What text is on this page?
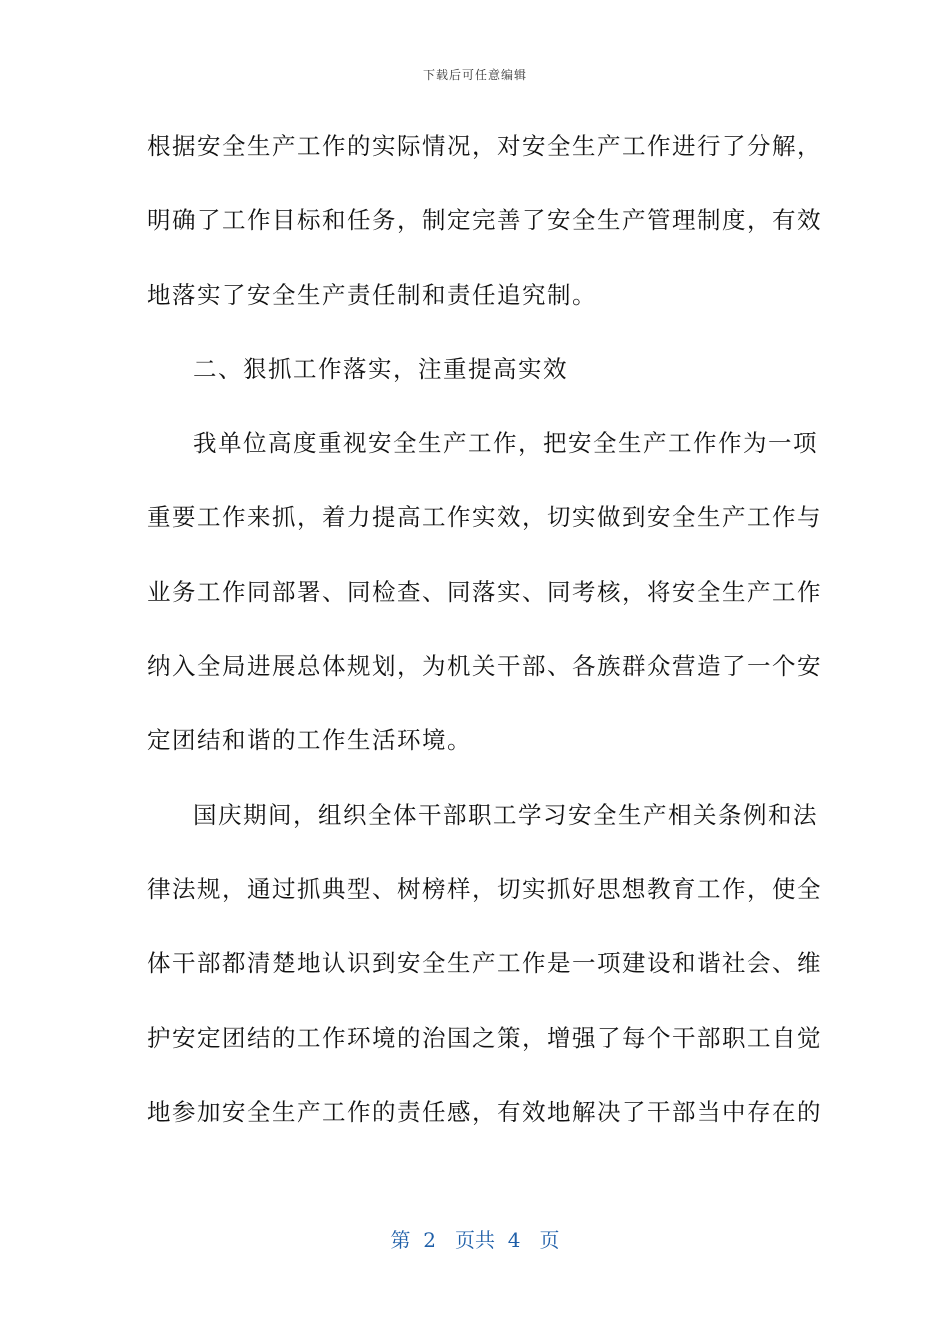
下载后可任意编辑
根据安全生产工作的实际情况，对安全生产工作进行了分解，
明确了工作目标和任务，制定完善了安全生产管理制度，有效
地落实了安全生产责任制和责任追究制。
二、狠抓工作落实，注重提高实效
我单位高度重视安全生产工作，把安全生产工作作为一项
重要工作来抓，着力提高工作实效，切实做到安全生产工作与
业务工作同部署、同检查、同落实、同考核，将安全生产工作
纳入全局进展总体规划，为机关干部、各族群众营造了一个安
定团结和谐的工作生活环境。
国庆期间，组织全体干部职工学习安全生产相关条例和法
律法规，通过抓典型、树榜样，切实抓好思想教育工作，使全
体干部都清楚地认识到安全生产工作是一项建设和谐社会、维
护安定团结的工作环境的治国之策，增强了每个干部职工自觉
地参加安全生产工作的责任感，有效地解决了干部当中存在的
第  2   页共  4   页
